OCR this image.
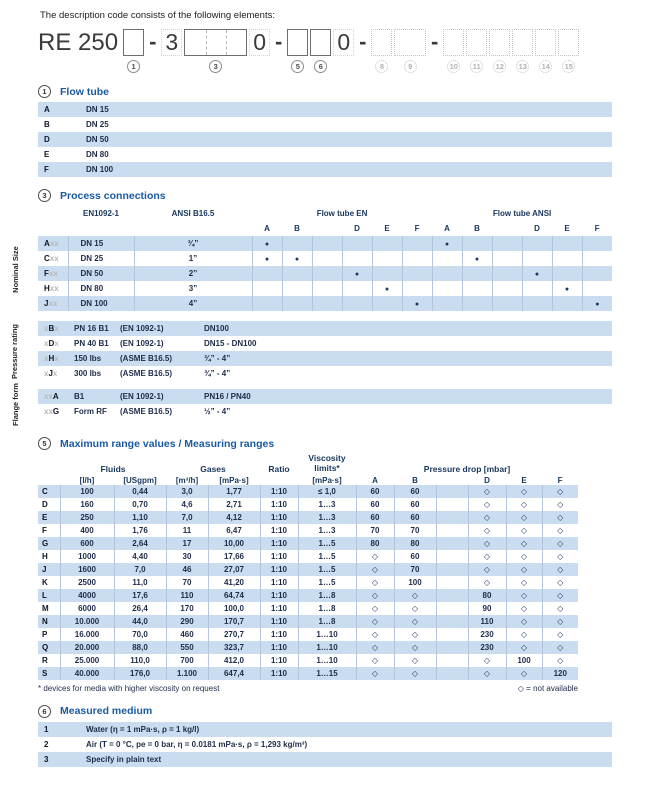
The description code consists of the following elements:

RE 250
1
- 3
3
0 -
5	6
0 -
8	9
-
10	11	12	13	14	15
1	Flow tube
A	DN 15
B	DN 25
D	DN 50
E	DN 80
F	DN 100
3	Process connections
Nominal Size
	EN1092-1	ANSI B16.5	Flow tube EN						Flow tube ANSI					
			A	B		D	E	F	A	B		D	E	F
Axx	DN 15	¾”	●						●					
Cxx	DN 25	1”	●	●						●				
Fxx	DN 50	2”				●						●		
Hxx	DN 80	3”					●						●	
Jxx	DN 100	4”						●						●
Pressure rating	xBx	PN 16 B1	(EN 1092-1)	DN100
xDx	PN 40 B1	(EN 1092-1)	DN15 - DN100
xHx	150 lbs	(ASME B16.5)	¾” - 4”
xJx	300 lbs	(ASME B16.5)	¾” - 4”
Flange form	xxA	B1	(EN 1092-1)	PN16 / PN40
xxG	Form RF	(ASME B16.5)	½” - 4”
5	Maximum range values / Measuring ranges
	Fluids		Gases		Ratio	Viscosity limits*	Pressure drop [mbar]					
	[l/h]	[USgpm]	[m³/h]	[mPa·s]		[mPa·s]	A	B		D	E	F
C	100	0,44	3,0	1,77	1:10	≤ 1,0	60	60		◇	◇	◇
D	160	0,70	4,6	2,71	1:10	1…3	60	60		◇	◇	◇
E	250	1,10	7,0	4,12	1:10	1…3	60	60		◇	◇	◇
F	400	1,76	11	6,47	1:10	1…3	70	70		◇	◇	◇
G	600	2,64	17	10,00	1:10	1…5	80	80		◇	◇	◇
H	1000	4,40	30	17,66	1:10	1…5	◇	60		◇	◇	◇
J	1600	7,0	46	27,07	1:10	1…5	◇	70		◇	◇	◇
K	2500	11,0	70	41,20	1:10	1…5	◇	100		◇	◇	◇
L	4000	17,6	110	64,74	1:10	1…8	◇	◇		80	◇	◇
M	6000	26,4	170	100,0	1:10	1…8	◇	◇		90	◇	◇
N	10.000	44,0	290	170,7	1:10	1…8	◇	◇		110	◇	◇
P	16.000	70,0	460	270,7	1:10	1…10	◇	◇		230	◇	◇
Q	20.000	88,0	550	323,7	1:10	1…10	◇	◇		230	◇	◇
R	25.000	110,0	700	412,0	1:10	1…10	◇	◇		◇	100	◇
S	40.000	176,0	1.100	647,4	1:10	1…15	◇	◇		◇	◇	120
* devices for media with higher viscosity on request	◇ = not available
6	Measured medium
1	Water (η = 1 mPa·s, ρ = 1 kg/l)
2	Air (T = 0 °C, pe = 0 bar, η = 0.0181 mPa·s, ρ = 1,293 kg/m³)
3	Specify in plain text
